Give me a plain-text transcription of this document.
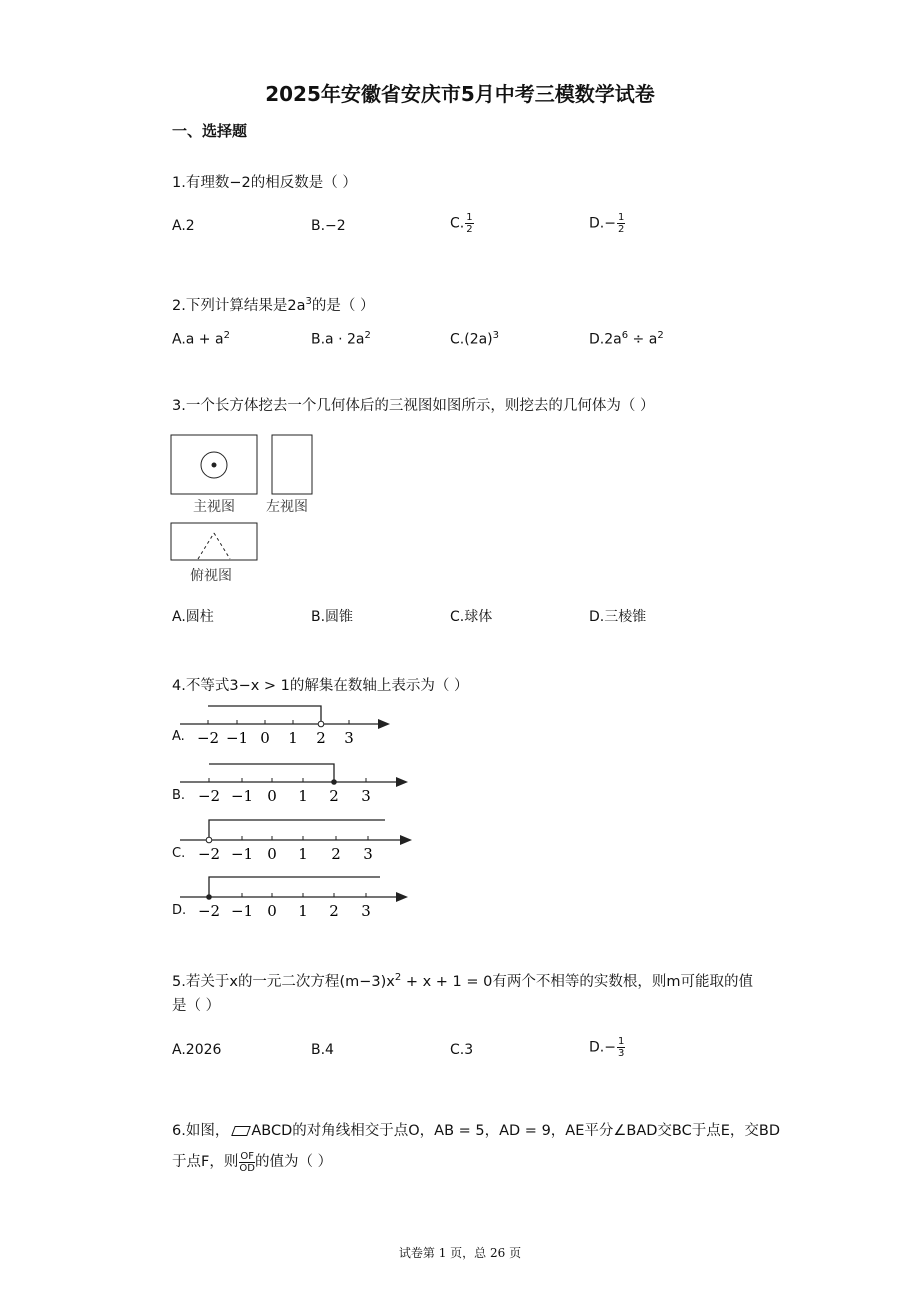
2025年安徽省安庆市5月中考三模数学试卷
一、选择题
1.有理数−2的相反数是（ ）
A.2	B.−2	C. $\frac{1}{2}$	$D.- \frac{1}{2}$
2.下列计算结果是$2a^3$的是（ ）
$A.a + a^2$	$B.a \cdot 2a^2$	$C.(2a)^3$	$D.2a^6 \div a^2$
3.一个长方体挖去一个几何体后的三视图如图所示，则挖去的几何体为（ ）
主视图 左视图
俯视图
A.圆柱	B.圆锥	C.球体	D.三棱锥
4.不等式3−x > 1的解集在数轴上表示为（ ）
A. −2 −1 0 1 2 3
B. −2 −1 0 1 2 3
C. −2 −1 0 1 2 3
D. −2 −1 0 1 2 3
5.若关于x的一元二次方程$(m-3)x^2 + x + 1 = 0$有两个不相等的实数根，则m可能取的值
是（ ）
A.2026	B.4	C.3	$D.- \frac{1}{3}$
6.如图， ABCD的对角线相交于点O，AB = 5，AD = 9，AE平分∠BAD交BC于点E，交BD
于点F，则 $\frac{OF}{OD}$ 的值为（ ）
试卷第 1 页，总 26 页
